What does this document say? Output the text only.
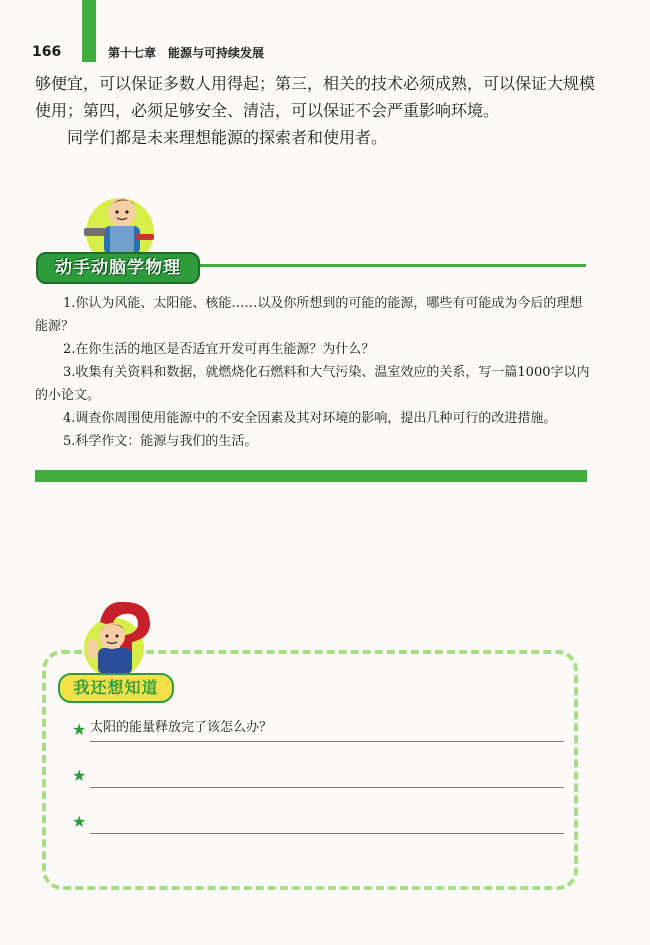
166	第十七章　能源与可持续发展

够便宜，可以保证多数人用得起；第三，相关的技术必须成熟，可以保证大规模使用；第四，必须足够安全、清洁，可以保证不会严重影响环境。

同学们都是未来理想能源的探索者和使用者。

动手动脑学物理
1.你认为风能、太阳能、核能……以及你所想到的可能的能源，哪些有可能成为今后的理想能源？
2.在你生活的地区是否适宜开发可再生能源？为什么？
3.收集有关资料和数据，就燃烧化石燃料和大气污染、温室效应的关系，写一篇1000字以内的小论文。
4.调查你周围使用能源中的不安全因素及其对环境的影响，提出几种可行的改进措施。
5.科学作文：能源与我们的生活。
我还想知道
★ 太阳的能量释放完了该怎么办？
★
★
